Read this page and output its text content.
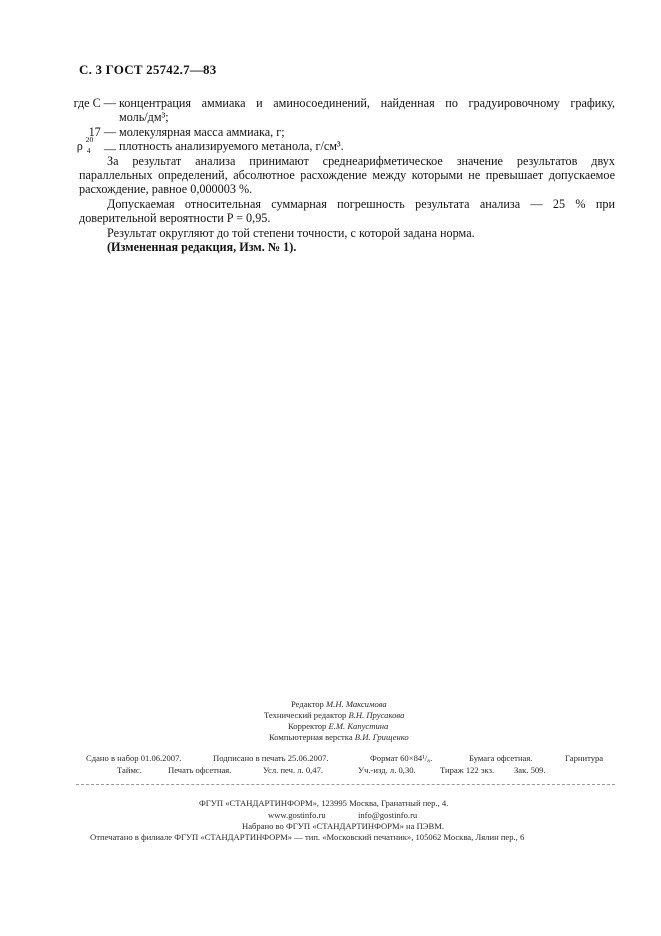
С. 3 ГОСТ 25742.7—83
где C — концентрация аммиака и аминосоединений, найденная по градуировочному графику,
моль/дм³;
17 — молекулярная масса аммиака, г;
ρ 20
4 — плотность анализируемого метанола, г/см³.

За результат анализа принимают среднеарифметическое значение результатов двух параллельных определений, абсолютное расхождение между которыми не превышает допускаемое расхождение, равное 0,000003 %.

Допускаемая относительная суммарная погрешность результата анализа — 25 % при доверительной вероятности P = 0,95.

Результат округляют до той степени точности, с которой задана норма.

(Измененная редакция, Изм. № 1).

Редактор М.Н. Максимова
Технический редактор В.Н. Прусакова
Корректор Е.М. Капустина
Компьютерная верстка В.И. Грищенко
Сдано в набор 01.06.2007.	Подписано в печать 25.06.2007.	Формат 60×84¹/₈.	Бумага офсетная.	Гарнитура
Таймс.	Печать офсетная.	Усл. печ. л. 0,47.	Уч.-изд. л. 0,30.	Тираж 122 экз. Зак. 509.
ФГУП «СТАНДАРТИНФОРМ», 123995 Москва, Гранатный пер., 4.
www.gostinfo.ru	info@gostinfo.ru
Набрано во ФГУП «СТАНДАРТИНФОРМ» на ПЭВМ.
Отпечатано в филиале ФГУП «СТАНДАРТИНФОРМ» — тип. «Московский печатник», 105062 Москва, Лялин пер., 6
